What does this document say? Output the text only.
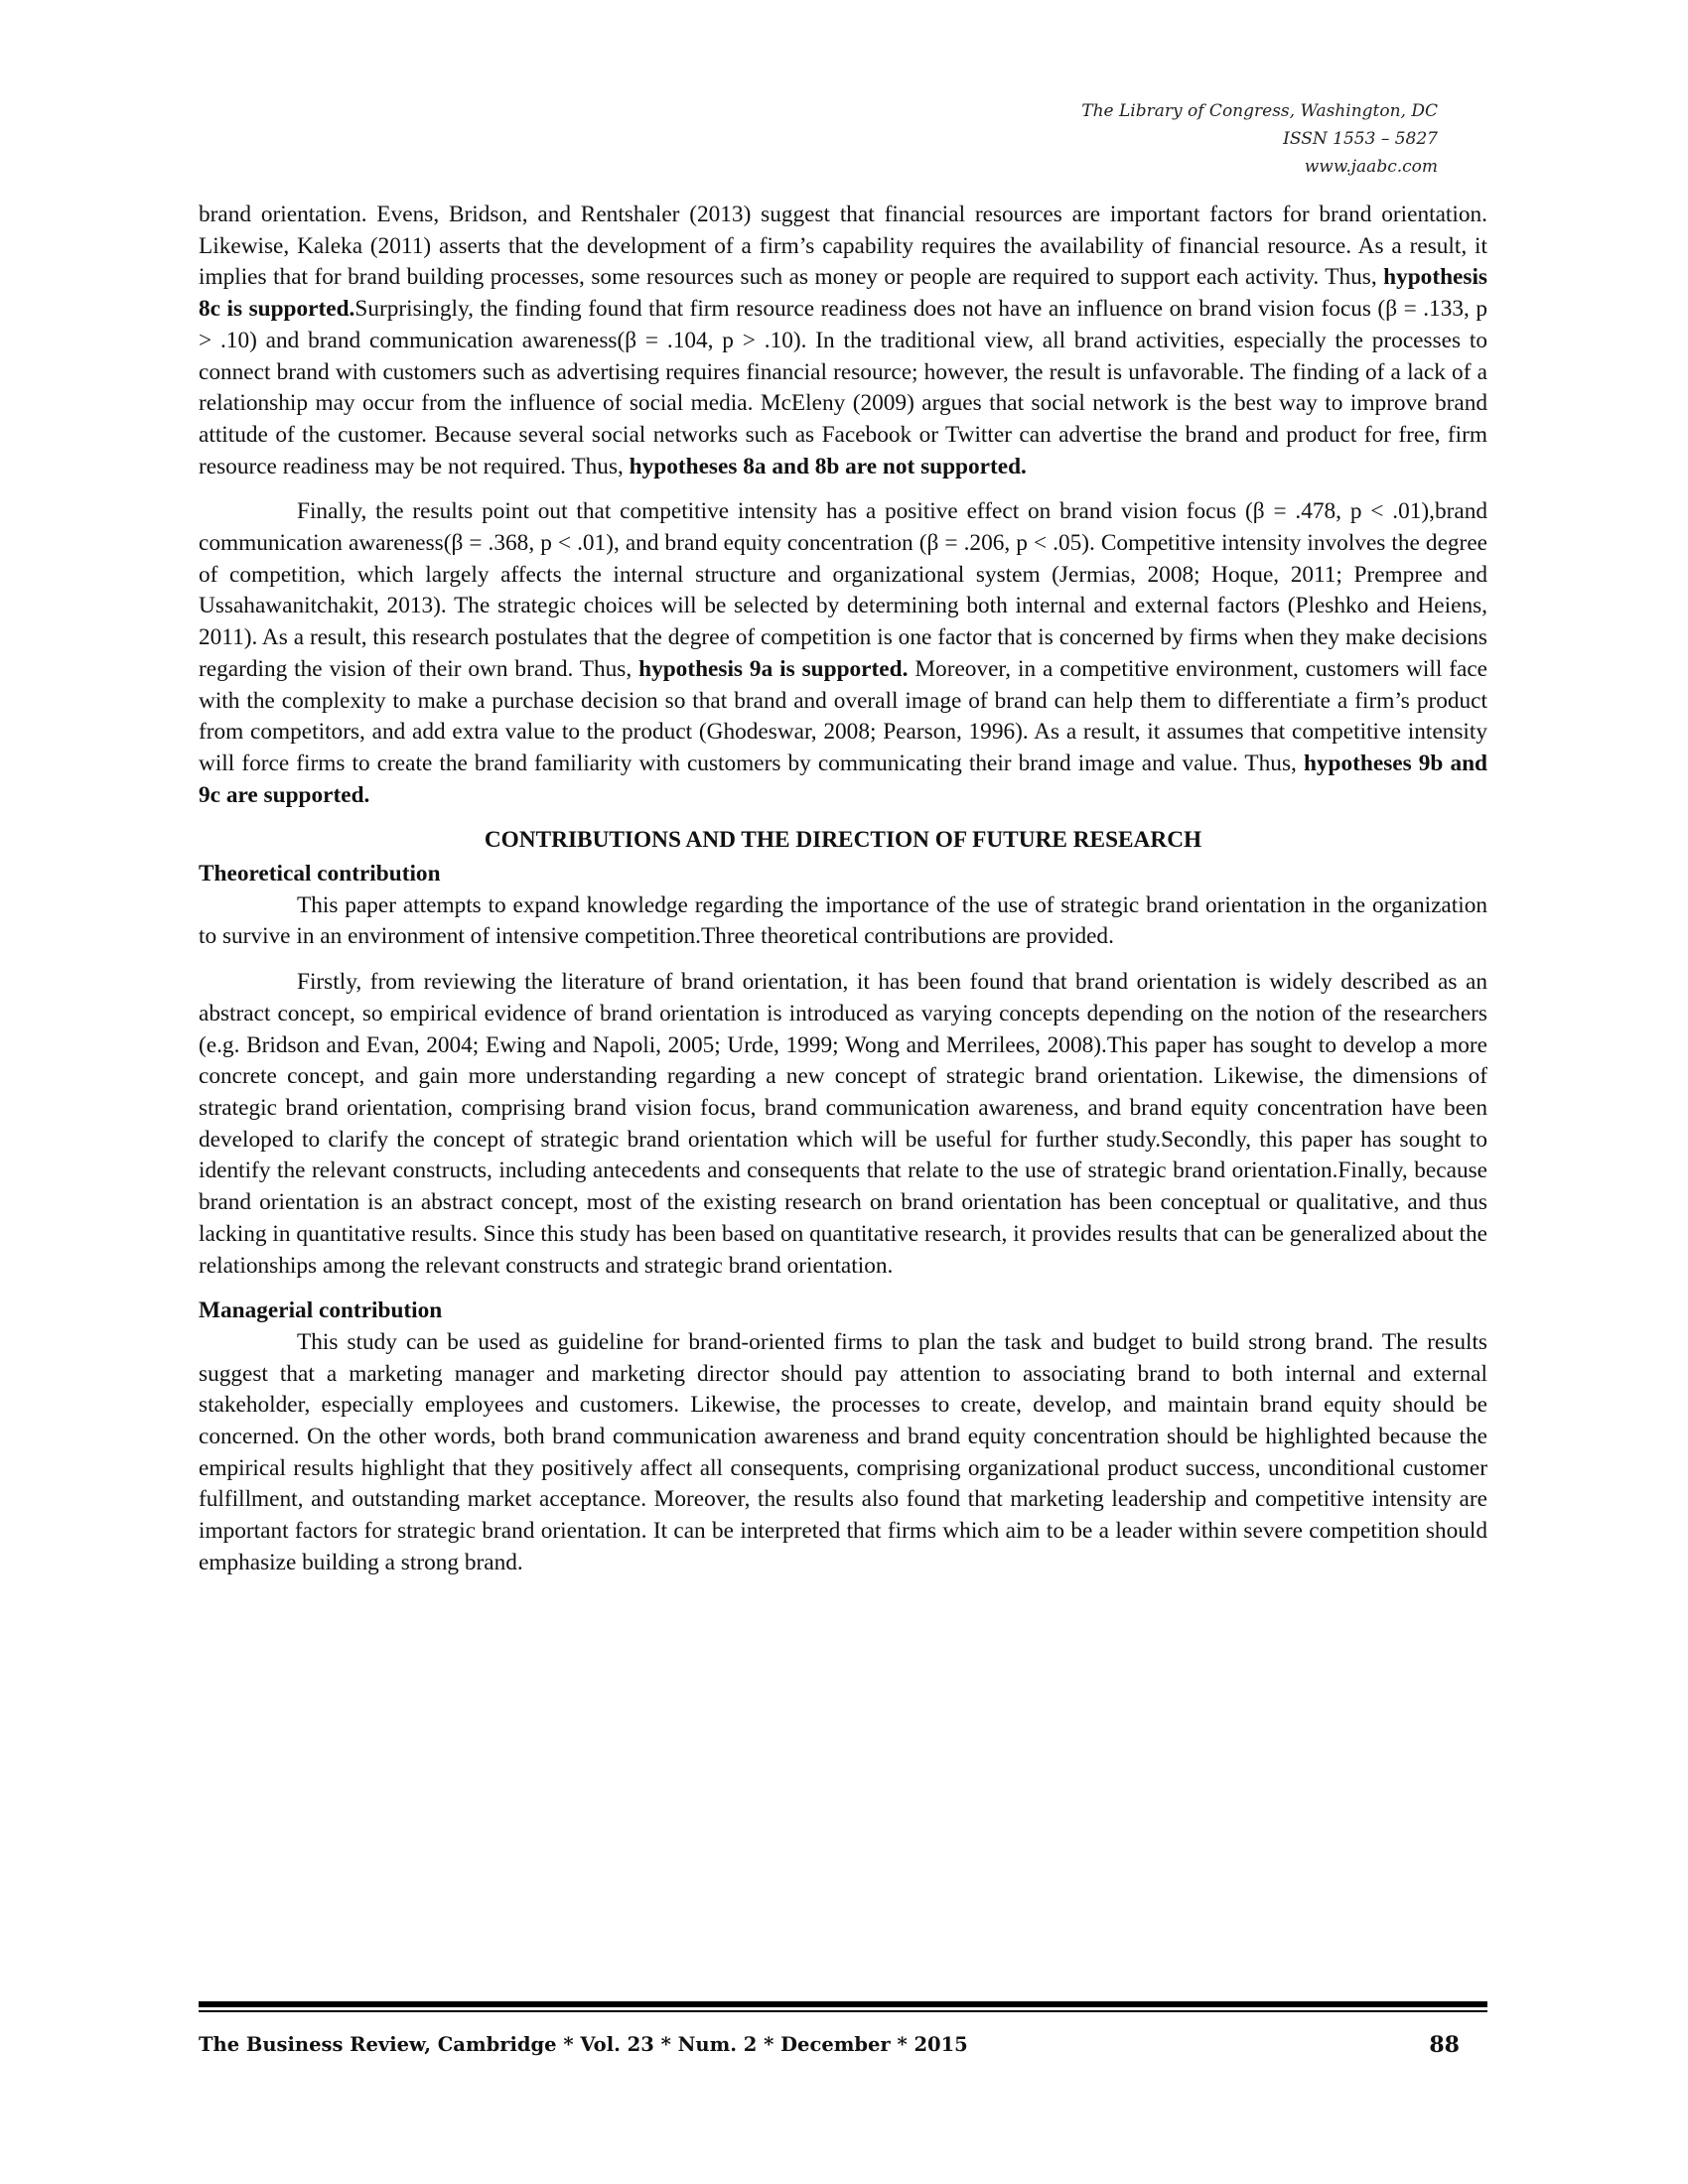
The Library of Congress, Washington, DC
ISSN 1553 – 5827
www.jaabc.com

brand orientation. Evens, Bridson, and Rentshaler (2013) suggest that financial resources are important factors for brand orientation. Likewise, Kaleka (2011) asserts that the development of a firm’s capability requires the availability of financial resource. As a result, it implies that for brand building processes, some resources such as money or people are required to support each activity. Thus, hypothesis 8c is supported.Surprisingly, the finding found that firm resource readiness does not have an influence on brand vision focus (β = .133, p > .10) and brand communication awareness(β = .104, p > .10). In the traditional view, all brand activities, especially the processes to connect brand with customers such as advertising requires financial resource; however, the result is unfavorable. The finding of a lack of a relationship may occur from the influence of social media. McEleny (2009) argues that social network is the best way to improve brand attitude of the customer. Because several social networks such as Facebook or Twitter can advertise the brand and product for free, firm resource readiness may be not required. Thus, hypotheses 8a and 8b are not supported.

Finally, the results point out that competitive intensity has a positive effect on brand vision focus (β = .478, p < .01),brand communication awareness(β = .368, p < .01), and brand equity concentration (β = .206, p < .05). Competitive intensity involves the degree of competition, which largely affects the internal structure and organizational system (Jermias, 2008; Hoque, 2011; Prempree and Ussahawanitchakit, 2013). The strategic choices will be selected by determining both internal and external factors (Pleshko and Heiens, 2011). As a result, this research postulates that the degree of competition is one factor that is concerned by firms when they make decisions regarding the vision of their own brand. Thus, hypothesis 9a is supported. Moreover, in a competitive environment, customers will face with the complexity to make a purchase decision so that brand and overall image of brand can help them to differentiate a firm’s product from competitors, and add extra value to the product (Ghodeswar, 2008; Pearson, 1996). As a result, it assumes that competitive intensity will force firms to create the brand familiarity with customers by communicating their brand image and value. Thus, hypotheses 9b and 9c are supported.

CONTRIBUTIONS AND THE DIRECTION OF FUTURE RESEARCH
Theoretical contribution

This paper attempts to expand knowledge regarding the importance of the use of strategic brand orientation in the organization to survive in an environment of intensive competition.Three theoretical contributions are provided.

Firstly, from reviewing the literature of brand orientation, it has been found that brand orientation is widely described as an abstract concept, so empirical evidence of brand orientation is introduced as varying concepts depending on the notion of the researchers (e.g. Bridson and Evan, 2004; Ewing and Napoli, 2005; Urde, 1999; Wong and Merrilees, 2008).This paper has sought to develop a more concrete concept, and gain more understanding regarding a new concept of strategic brand orientation. Likewise, the dimensions of strategic brand orientation, comprising brand vision focus, brand communication awareness, and brand equity concentration have been developed to clarify the concept of strategic brand orientation which will be useful for further study.Secondly, this paper has sought to identify the relevant constructs, including antecedents and consequents that relate to the use of strategic brand orientation.Finally, because brand orientation is an abstract concept, most of the existing research on brand orientation has been conceptual or qualitative, and thus lacking in quantitative results. Since this study has been based on quantitative research, it provides results that can be generalized about the relationships among the relevant constructs and strategic brand orientation.

Managerial contribution

This study can be used as guideline for brand-oriented firms to plan the task and budget to build strong brand. The results suggest that a marketing manager and marketing director should pay attention to associating brand to both internal and external stakeholder, especially employees and customers. Likewise, the processes to create, develop, and maintain brand equity should be concerned. On the other words, both brand communication awareness and brand equity concentration should be highlighted because the empirical results highlight that they positively affect all consequents, comprising organizational product success, unconditional customer fulfillment, and outstanding market acceptance. Moreover, the results also found that marketing leadership and competitive intensity are important factors for strategic brand orientation. It can be interpreted that firms which aim to be a leader within severe competition should emphasize building a strong brand.

The Business Review, Cambridge * Vol. 23 * Num. 2 * December * 2015	88
